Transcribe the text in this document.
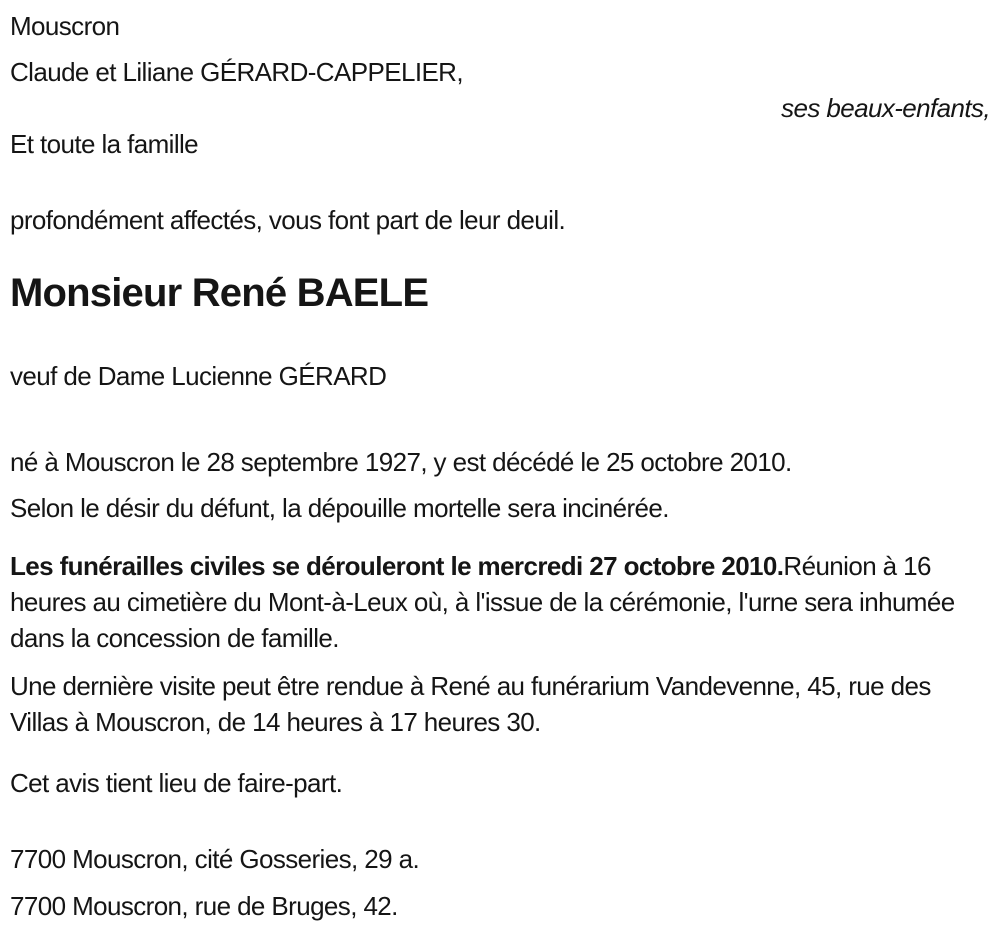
Mouscron

Claude et Liliane GÉRARD-CAPPELIER,

ses beaux-enfants,

Et toute la famille

profondément affectés, vous font part de leur deuil.

Monsieur René BAELE

veuf de Dame Lucienne GÉRARD

né à Mouscron le 28 septembre 1927, y est décédé le 25 octobre 2010.

Selon le désir du défunt, la dépouille mortelle sera incinérée.

Les funérailles civiles se dérouleront le mercredi 27 octobre 2010.Réunion à 16 heures au cimetière du Mont-à-Leux où, à l'issue de la cérémonie, l'urne sera inhumée dans la concession de famille.

Une dernière visite peut être rendue à René au funérarium Vandevenne, 45, rue des Villas à Mouscron, de 14 heures à 17 heures 30.

Cet avis tient lieu de faire-part.

7700 Mouscron, cité Gosseries, 29 a.

7700 Mouscron, rue de Bruges, 42.
